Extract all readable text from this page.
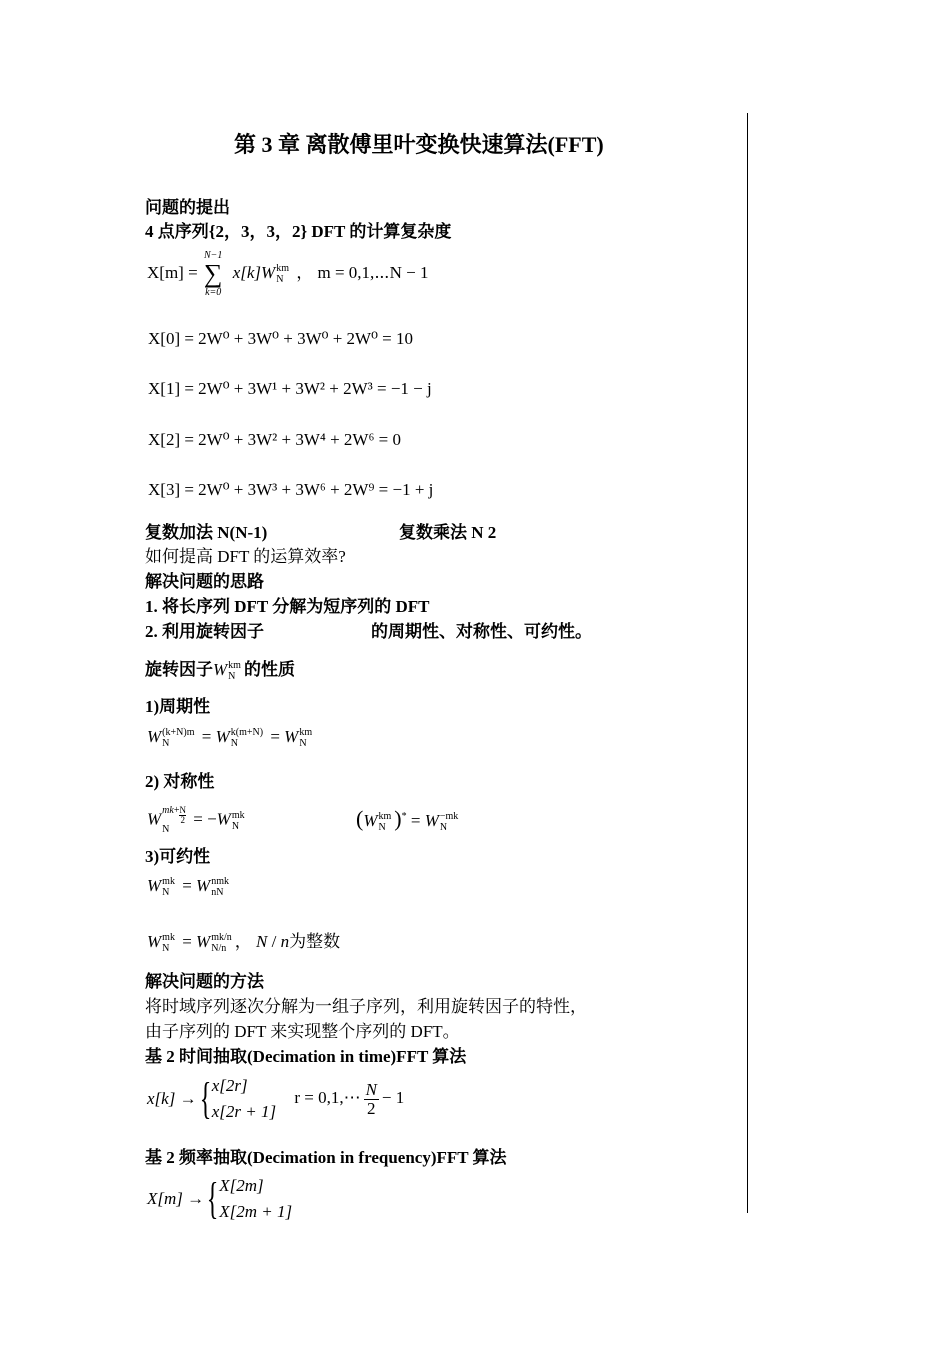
第 3 章 离散傅里叶变换快速算法(FFT)
问题的提出
4 点序列{2，3，3，2} DFT 的计算复杂度
X[m] =
N−1
∑
k=0
x[k]W km
N ， m = 0,1,⋯N − 1
X[0] = 2W⁰ + 3W⁰ + 3W⁰ + 2W⁰ = 10
X[1] = 2W⁰ + 3W¹ + 3W² + 2W³ = −1 − j
X[2] = 2W⁰ + 3W² + 3W⁴ + 2W⁶ = 0
X[3] = 2W⁰ + 3W³ + 3W⁶ + 2W⁹ = −1 + j
复数加法 N(N-1)	复数乘法 N 2
如何提高 DFT 的运算效率?
解决问题的思路
1. 将长序列 DFT 分解为短序列的 DFT
2. 利用旋转因子	的周期性、对称性、可约性。
旋转因子W km
N 的性质
1)周期性
W (k+N)m
N	= W k(m+N)
N	= W km
N
2) 对称性
W $mk+ \frac{N}{2}$
N
= −W mk
N	(W km
N )* = W −mk
N
3)可约性
W mk
N = W nmk
nN
W mk
N = W mk/n
N/n ， N / n为整数
解决问题的方法
将时域序列逐次分解为一组子序列，利用旋转因子的特性，
由子序列的 DFT 来实现整个序列的 DFT。
基 2 时间抽取(Decimation in time)FFT 算法
x[k] → { x[2r]
x[2r + 1]
r = 0,1,⋯ $\frac{N}{2} - 1$
基 2 频率抽取(Decimation in frequency)FFT 算法
X[m] → { X[2m]
X[2m + 1]
